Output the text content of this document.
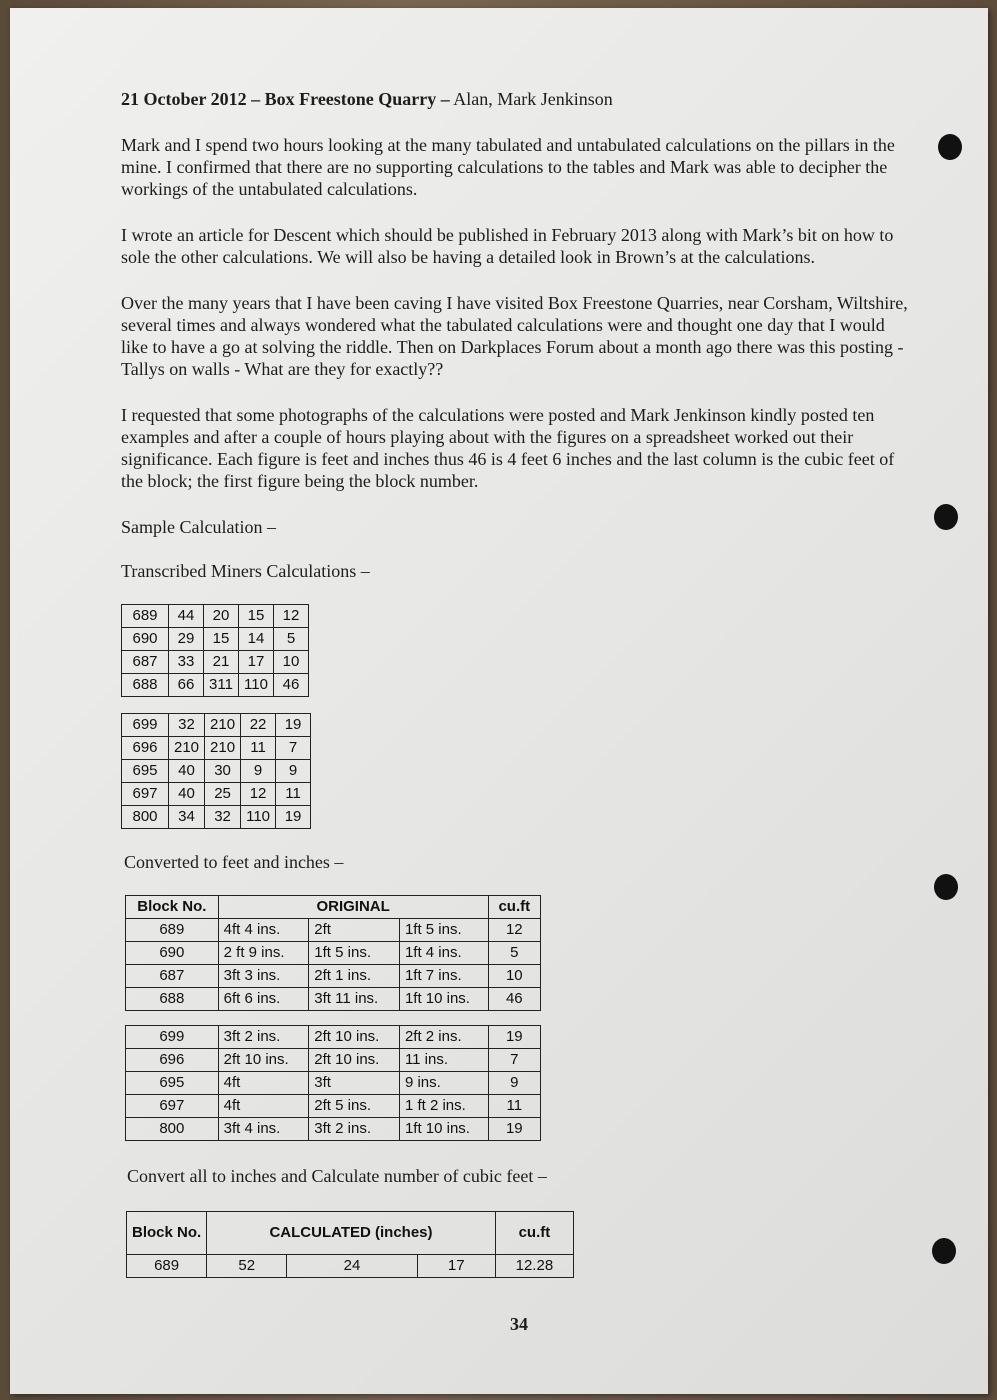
21 October 2012 – Box Freestone Quarry – Alan, Mark Jenkinson

Mark and I spend two hours looking at the many tabulated and untabulated calculations on the pillars in the mine. I confirmed that there are no supporting calculations to the tables and Mark was able to decipher the workings of the untabulated calculations.

I wrote an article for Descent which should be published in February 2013 along with Mark’s bit on how to sole the other calculations. We will also be having a detailed look in Brown’s at the calculations.

Over the many years that I have been caving I have visited Box Freestone Quarries, near Corsham, Wiltshire, several times and always wondered what the tabulated calculations were and thought one day that I would like to have a go at solving the riddle. Then on Darkplaces Forum about a month ago there was this posting - Tallys on walls - What are they for exactly??

I requested that some photographs of the calculations were posted and Mark Jenkinson kindly posted ten examples and after a couple of hours playing about with the figures on a spreadsheet worked out their significance. Each figure is feet and inches thus 46 is 4 feet 6 inches and the last column is the cubic feet of the block; the first figure being the block number.

Sample Calculation –
Transcribed Miners Calculations –
689	44	20	15	12
690	29	15	14	5
687	33	21	17	10
688	66	311	110	46
699	32	210	22	19
696	210	210	11	7
695	40	30	9	9
697	40	25	12	11
800	34	32	110	19
Converted to feet and inches –
Block No.	ORIGINAL			cu.ft
689	4ft 4 ins.	2ft	1ft 5 ins.	12
690	2 ft 9 ins.	1ft 5 ins.	1ft 4 ins.	5
687	3ft 3 ins.	2ft 1 ins.	1ft 7 ins.	10
688	6ft 6 ins.	3ft 11 ins.	1ft 10 ins.	46
699	3ft 2 ins.	2ft 10 ins.	2ft 2 ins.	19
696	2ft 10 ins.	2ft 10 ins.	11 ins.	7
695	4ft	3ft	9 ins.	9
697	4ft	2ft 5 ins.	1 ft 2 ins.	11
800	3ft 4 ins.	3ft 2 ins.	1ft 10 ins.	19
Convert all to inches and Calculate number of cubic feet –
Block No.	CALCULATED (inches)			cu.ft
689	52	24	17	12.28
34
